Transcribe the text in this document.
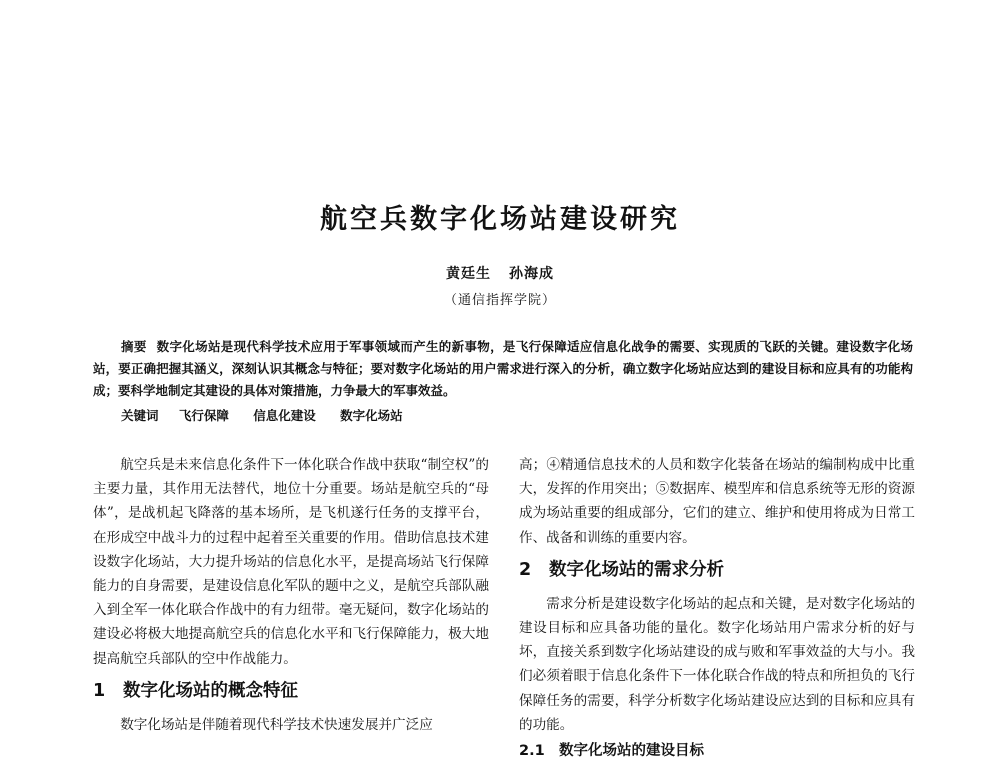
航空兵数字化场站建设研究
黄廷生 孙海成
（通信指挥学院）
摘要 数字化场站是现代科学技术应用于军事领域而产生的新事物，是飞行保障适应信息化战争的需要、实现质的飞跃的关键。建设数字化场站，要正确把握其涵义，深刻认识其概念与特征；要对数字化场站的用户需求进行深入的分析，确立数字化场站应达到的建设目标和应具有的功能构成；要科学地制定其建设的具体对策措施，力争最大的军事效益。
关键词 飞行保障 信息化建设 数字化场站

航空兵是未来信息化条件下一体化联合作战中获取“制空权”的主要力量，其作用无法替代，地位十分重要。场站是航空兵的“母体”，是战机起飞降落的基本场所，是飞机遂行任务的支撑平台，在形成空中战斗力的过程中起着至关重要的作用。借助信息技术建设数字化场站，大力提升场站的信息化水平，是提高场站飞行保障能力的自身需要，是建设信息化军队的题中之义，是航空兵部队融入到全军一体化联合作战中的有力纽带。毫无疑问，数字化场站的建设必将极大地提高航空兵的信息化水平和飞行保障能力，极大地提高航空兵部队的空中作战能力。

1 数字化场站的概念特征

数字化场站是伴随着现代科学技术快速发展并广泛应

高；④精通信息技术的人员和数字化装备在场站的编制构成中比重大，发挥的作用突出；⑤数据库、模型库和信息系统等无形的资源成为场站重要的组成部分，它们的建立、维护和使用将成为日常工作、战备和训练的重要内容。

2 数字化场站的需求分析

需求分析是建设数字化场站的起点和关键，是对数字化场站的建设目标和应具备功能的量化。数字化场站用户需求分析的好与坏，直接关系到数字化场站建设的成与败和军事效益的大与小。我们必须着眼于信息化条件下一体化联合作战的特点和所担负的飞行保障任务的需要，科学分析数字化场站建设应达到的目标和应具有的功能。

2.1 数字化场站的建设目标
